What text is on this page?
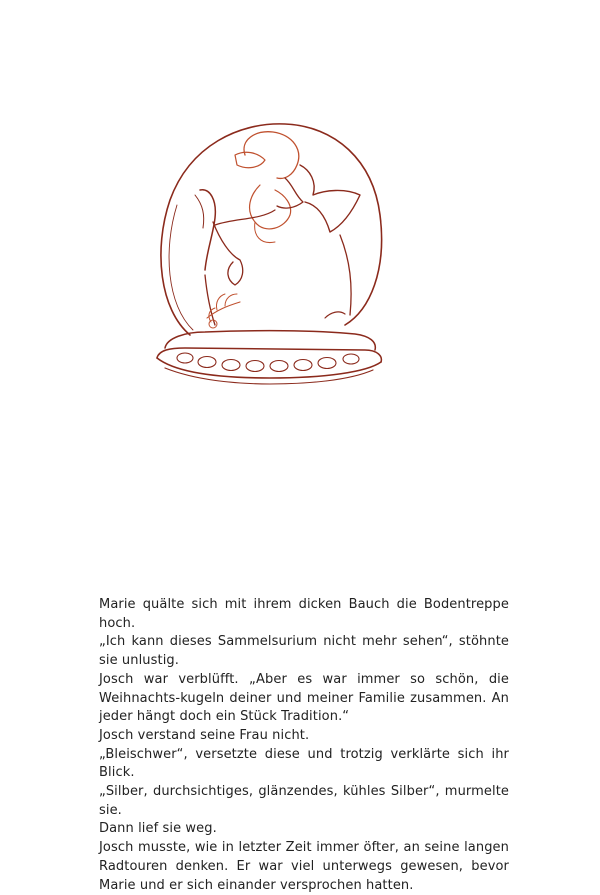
Marie quälte sich mit ihrem dicken Bauch die Bodentreppe hoch.

„Ich kann dieses Sammelsurium nicht mehr sehen“, stöhnte sie unlustig.

Josch war verblüfft. „Aber es war immer so schön, die Weihnachts-kugeln deiner und meiner Familie zusammen. An jeder hängt doch ein Stück Tradition.“

Josch verstand seine Frau nicht.

„Bleischwer“, versetzte diese und trotzig verklärte sich ihr Blick.

„Silber, durchsichtiges, glänzendes, kühles Silber“, murmelte sie.

Dann lief sie weg.

Josch musste, wie in letzter Zeit immer öfter, an seine langen Radtouren denken. Er war viel unterwegs gewesen, bevor Marie und er sich einander versprochen hatten.
